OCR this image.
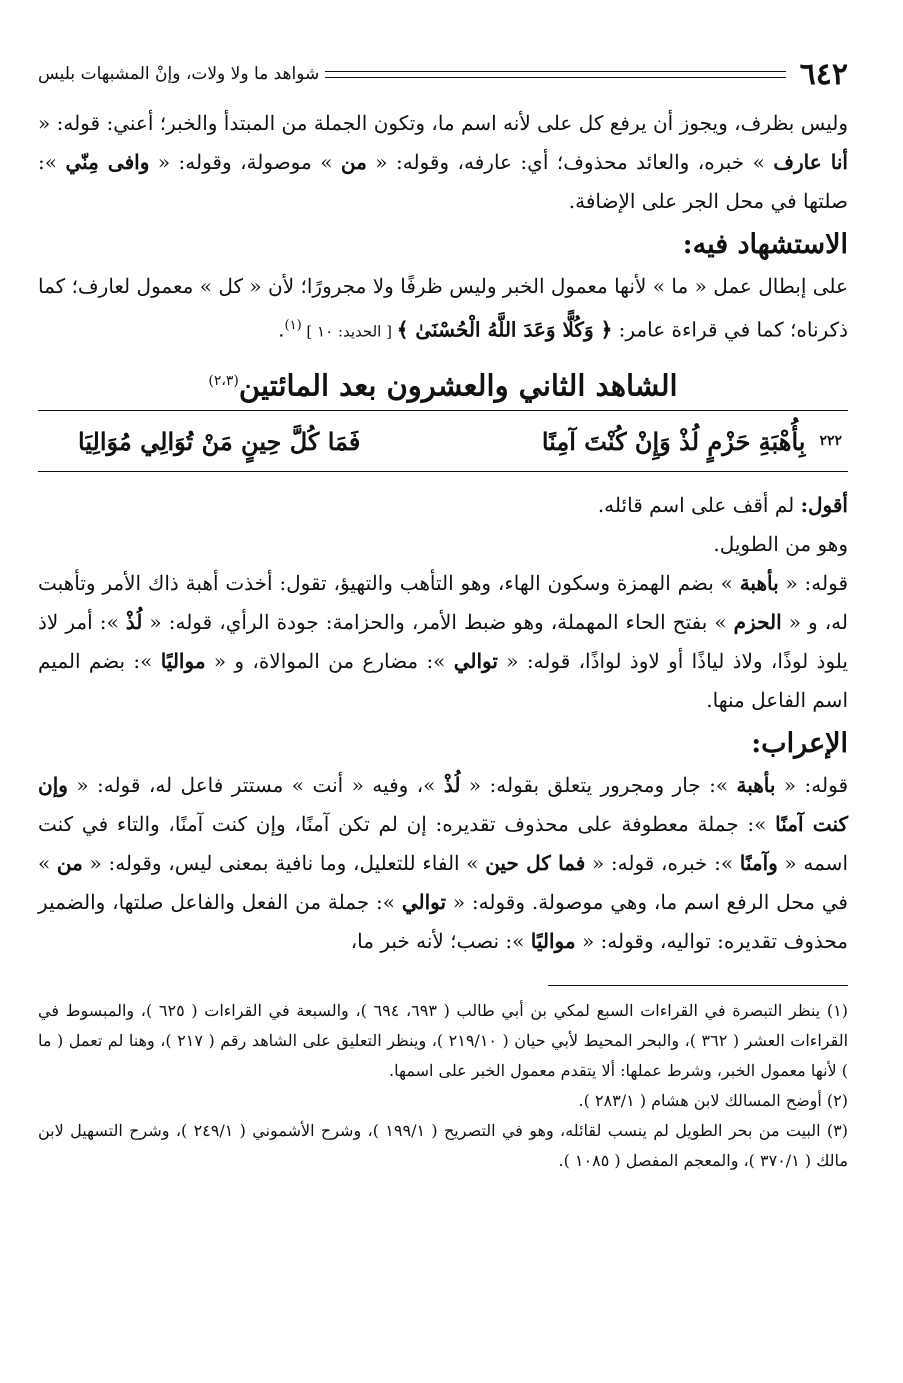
٦٤٢
شواهد ما ولا ولات، وإنْ المشبهات بليس

وليس بظرف، ويجوز أن يرفع كل على لأنه اسم ما، وتكون الجملة من المبتدأ والخبر؛ أعني: قوله: « أنا عارف » خبره، والعائد محذوف؛ أي: عارفه، وقوله: « من » موصولة، وقوله: « وافى مِنّي »: صلتها في محل الجر على الإضافة.

الاستشهاد فيه:

على إبطال عمل « ما » لأنها معمول الخبر وليس ظرفًا ولا مجرورًا؛ لأن « كل » معمول لعارف؛ كما ذكرناه؛ كما في قراءة عامر: ﴿ وَكُلًّا وَعَدَ اللَّهُ الْحُسْنَىٰ ﴾ [ الحديد: ١٠ ] $^{(١)}$.

الشاهد الثاني والعشرون بعد المائتين$^{(٢،٣)}$
٢٢٢
بِأُهْبَةِ حَزْمٍ لُذْ وَإِنْ كُنْتَ آمِنًا
فَمَا كُلَّ حِينٍ مَنْ تُوَالِي مُوَالِيَا

أقول: لم أقف على اسم قائله.

وهو من الطويل.

قوله: « بأهبة » بضم الهمزة وسكون الهاء، وهو التأهب والتهيؤ، تقول: أخذت أهبة ذاك الأمر وتأهبت له، و « الحزم » بفتح الحاء المهملة، وهو ضبط الأمر، والحزامة: جودة الرأي، قوله: « لُذْ »: أمر لاذ يلوذ لوذًا، ولاذ لياذًا أو لاوذ لواذًا، قوله: « توالي »: مضارع من الموالاة، و « مواليًا »: بضم الميم اسم الفاعل منها.

الإعراب:

قوله: « بأهبة »: جار ومجرور يتعلق بقوله: « لُذْ »، وفيه « أنت » مستتر فاعل له، قوله: « وإن كنت آمنًا »: جملة معطوفة على محذوف تقديره: إن لم تكن آمنًا، وإن كنت آمنًا، والتاء في كنت اسمه « وآمنًا »: خبره، قوله: « فما كل حين » الفاء للتعليل، وما نافية بمعنى ليس، وقوله: « من » في محل الرفع اسم ما، وهي موصولة. وقوله: « توالي »: جملة من الفعل والفاعل صلتها، والضمير محذوف تقديره: تواليه، وقوله: « مواليًا »: نصب؛ لأنه خبر ما،

(١) ينظر التبصرة في القراءات السبع لمكي بن أبي طالب ( ٦٩٣، ٦٩٤ )، والسبعة في القراءات ( ٦٢٥ )، والمبسوط في القراءات العشر ( ٣٦٢ )، والبحر المحيط لأبي حيان ( ٢١٩/١٠ )، وينظر التعليق على الشاهد رقم ( ٢١٧ )، وهنا لم تعمل ( ما ) لأنها معمول الخبر، وشرط عملها: ألا يتقدم معمول الخبر على اسمها.

(٢) أوضح المسالك لابن هشام ( ٢٨٣/١ ).

(٣) البيت من بحر الطويل لم ينسب لقائله، وهو في التصريح ( ١٩٩/١ )، وشرح الأشموني ( ٢٤٩/١ )، وشرح التسهيل لابن مالك ( ٣٧٠/١ )، والمعجم المفصل ( ١٠٨٥ ).
